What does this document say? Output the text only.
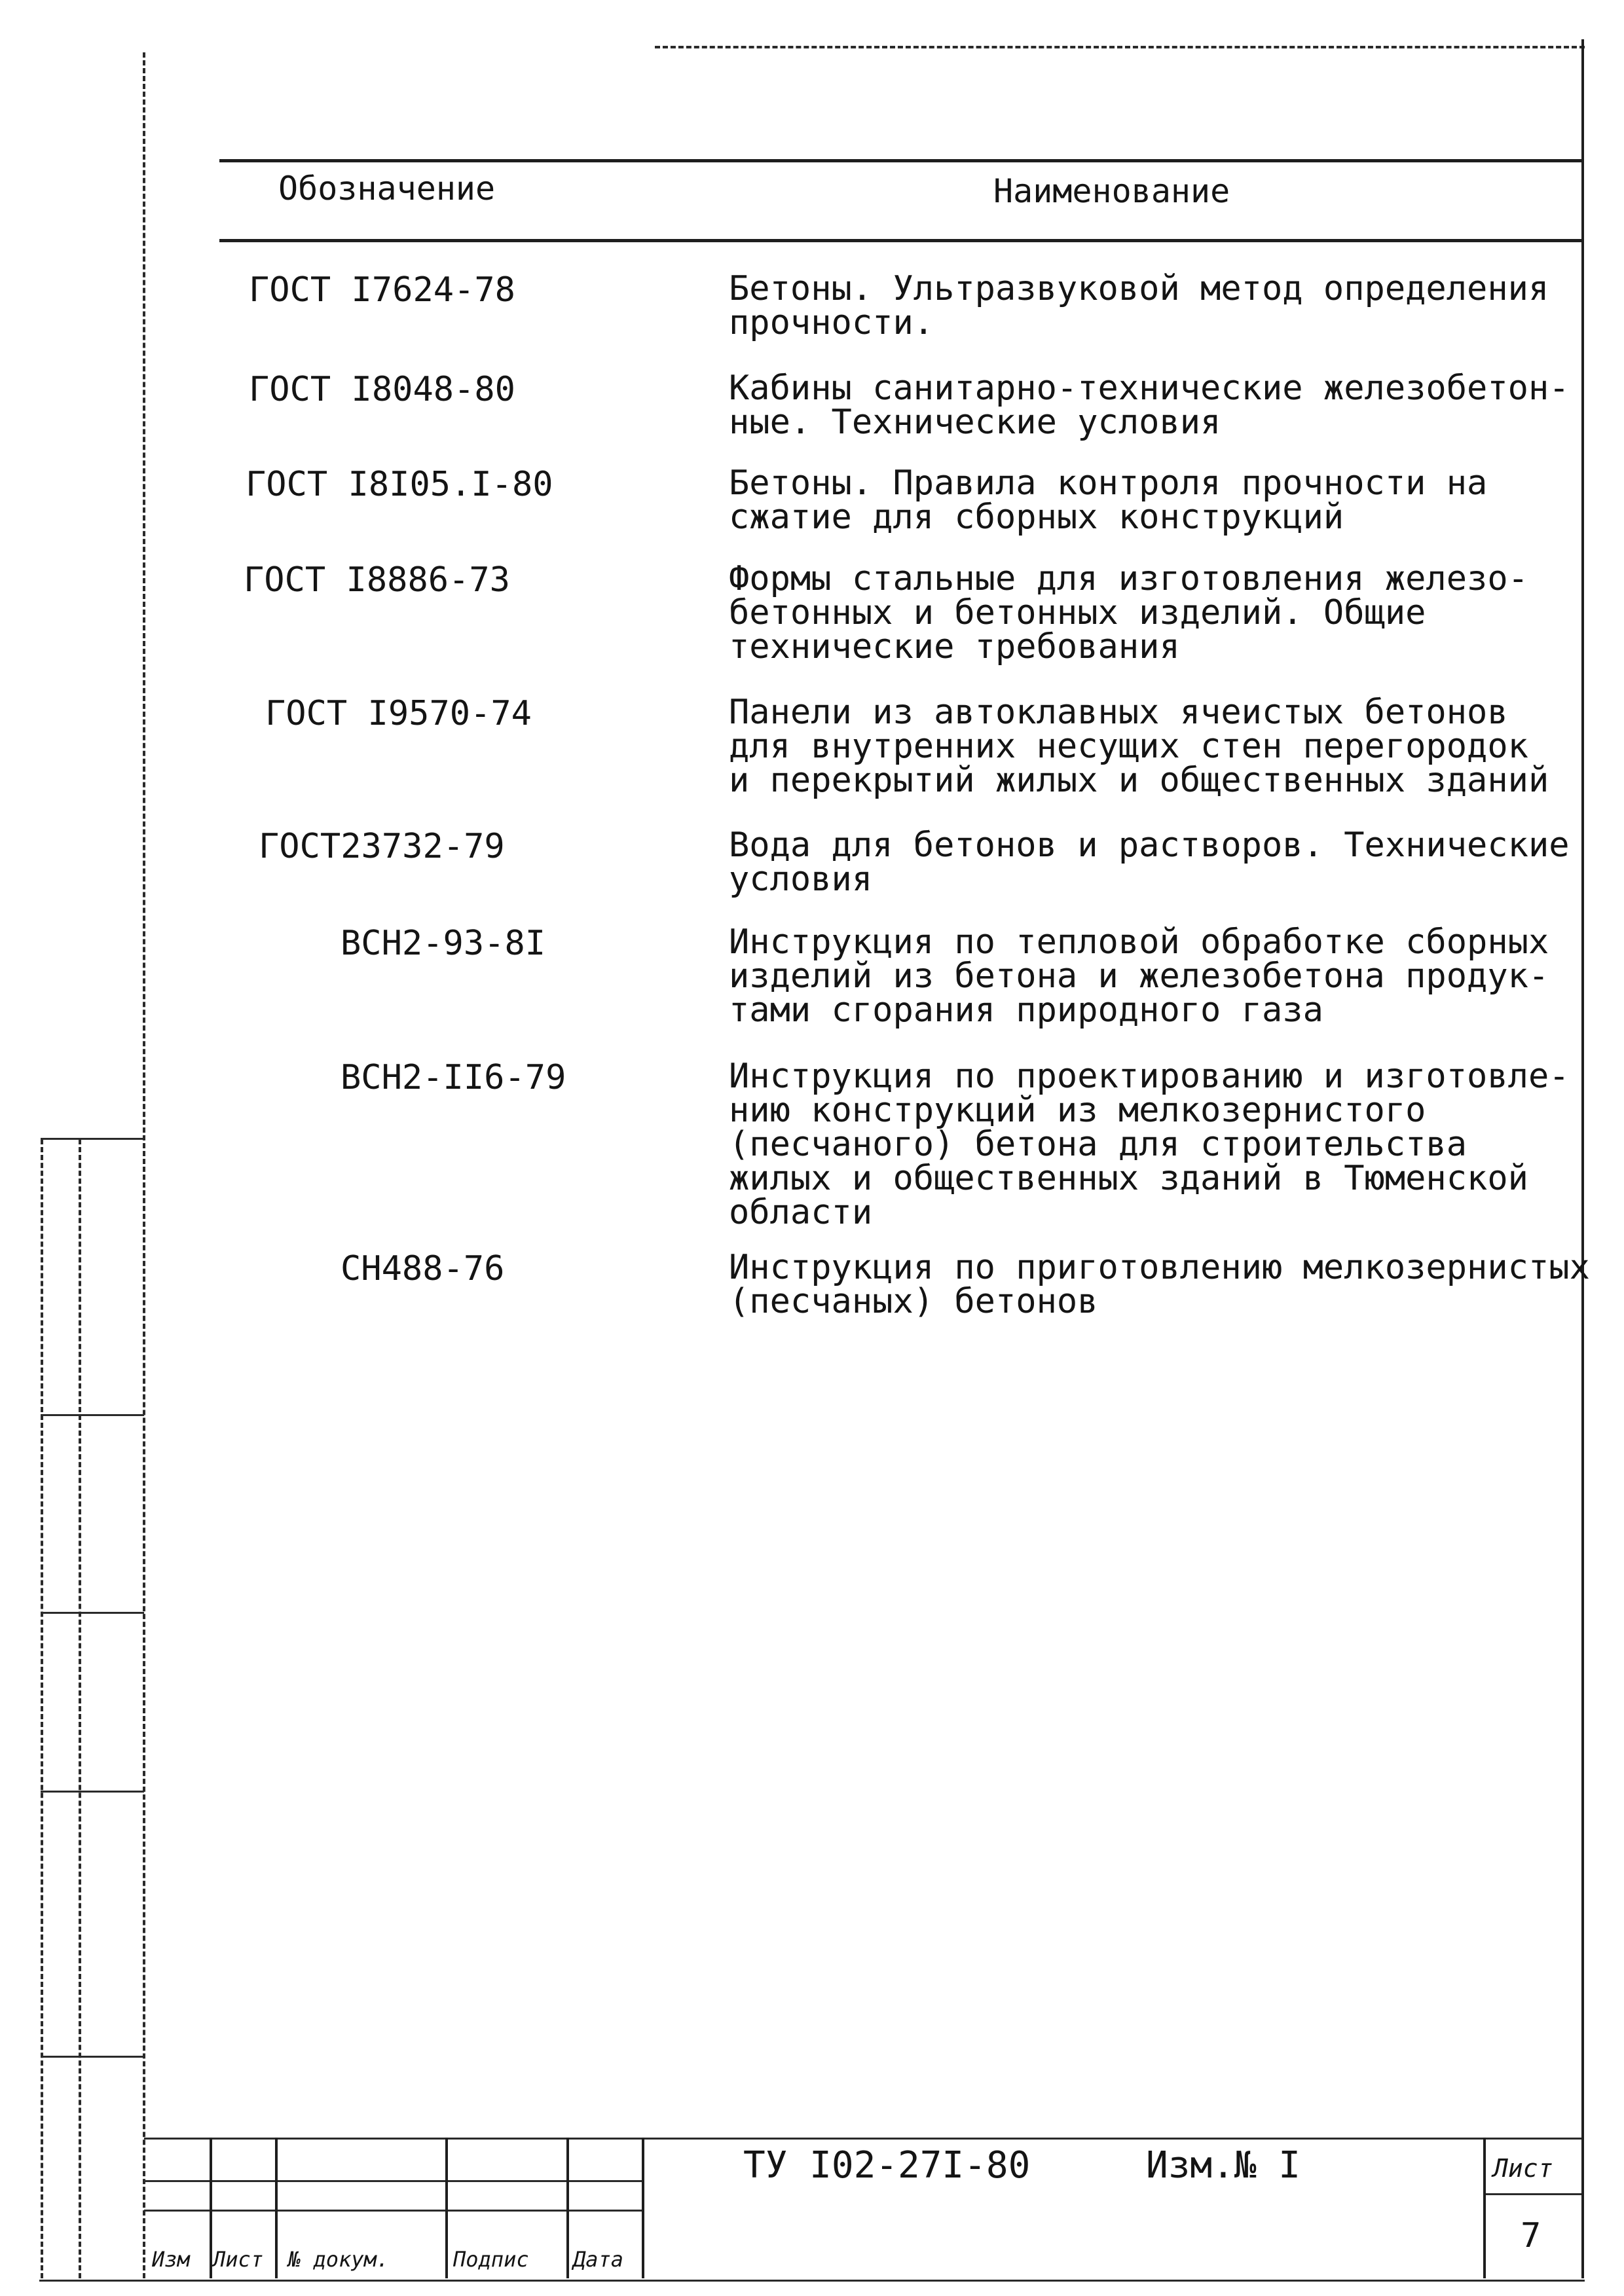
Обозначение	Наименование
ГОСТ I7624-78	Бетоны. Ультразвуковой метод определения
прочности.
ГОСТ I8048-80	Кабины санитарно-технические железобетон-
ные. Технические условия
ГОСТ I8I05.I-80	Бетоны. Правила контроля прочности на
сжатие для сборных конструкций
ГОСТ I8886-73	Формы стальные для изготовления железо-
бетонных и бетонных изделий. Общие
технические требования
ГОСТ I9570-74	Панели из автоклавных ячеистых бетонов
для внутренних несущих стен перегородок
и перекрытий жилых и общественных зданий
ГОСТ23732-79	Вода для бетонов и растворов. Технические
условия
ВСН2-93-8I	Инструкция по тепловой обработке сборных
изделий из бетона и железобетона продук-
тами сгорания природного газа
ВСН2-II6-79	Инструкция по проектированию и изготовле-
нию конструкций из мелкозернистого
(песчаного) бетона для строительства
жилых и общественных зданий в Тюменской
области
СН488-76	Инструкция по приготовлению мелкозернистых
(песчаных) бетонов
Изм Лист № докум.	Подпис Дата
ТУ I02-27I-80	Изм.№ I	Лист
7
